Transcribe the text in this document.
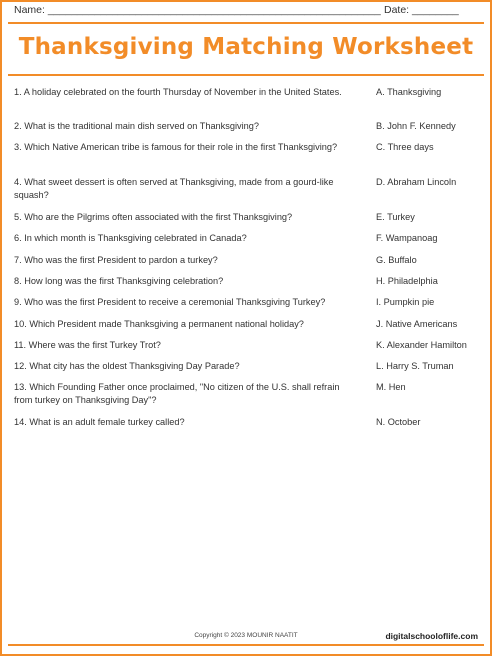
Name: _________________________________________________________ Date: ________
Thanksgiving Matching Worksheet
1. A holiday celebrated on the fourth Thursday of November in the United States.
2. What is the traditional main dish served on Thanksgiving?
3. Which Native American tribe is famous for their role in the first Thanksgiving?
4. What sweet dessert is often served at Thanksgiving, made from a gourd-like squash?
5. Who are the Pilgrims often associated with the first Thanksgiving?
6. In which month is Thanksgiving celebrated in Canada?
7. Who was the first President to pardon a turkey?
8. How long was the first Thanksgiving celebration?
9. Who was the first President to receive a ceremonial Thanksgiving Turkey?
10. Which President made Thanksgiving a permanent national holiday?
11. Where was the first Turkey Trot?
12. What city has the oldest Thanksgiving Day Parade?
13. Which Founding Father once proclaimed, "No citizen of the U.S. shall refrain from turkey on Thanksgiving Day"?
14. What is an adult female turkey called?
A. Thanksgiving
B. John F. Kennedy
C. Three days
D. Abraham Lincoln
E. Turkey
F. Wampanoag
G. Buffalo
H. Philadelphia
I. Pumpkin pie
J. Native Americans
K. Alexander Hamilton
L. Harry S. Truman
M. Hen
N. October
Copyright © 2023 MOUNIR NAATIT	digitalschooloflife.com
